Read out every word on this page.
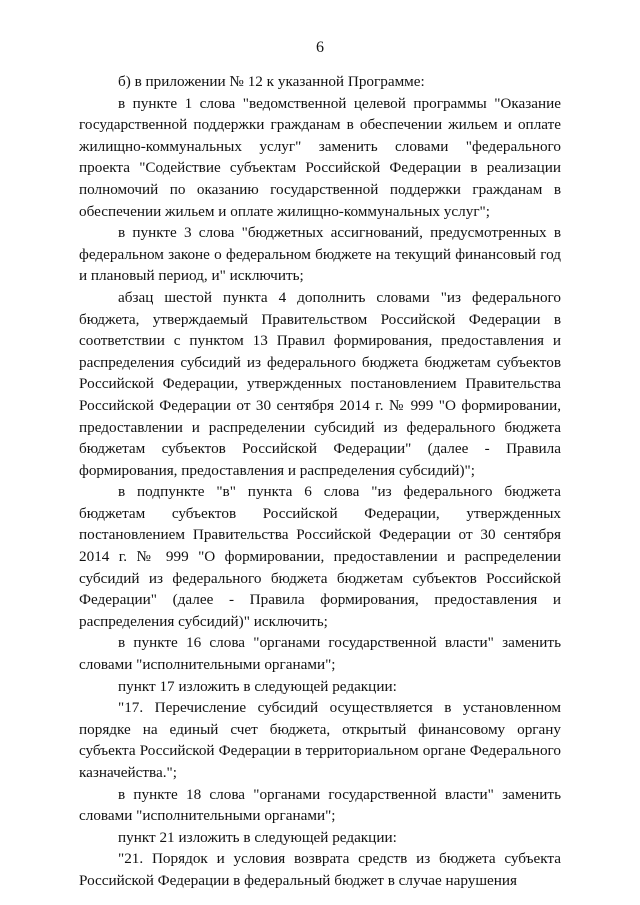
6

б) в приложении № 12 к указанной Программе:

в пункте 1 слова "ведомственной целевой программы "Оказание государственной поддержки гражданам в обеспечении жильем и оплате жилищно-коммунальных услуг" заменить словами "федерального проекта "Содействие субъектам Российской Федерации в реализации полномочий по оказанию государственной поддержки гражданам в обеспечении жильем и оплате жилищно-коммунальных услуг";

в пункте 3 слова "бюджетных ассигнований, предусмотренных в федеральном законе о федеральном бюджете на текущий финансовый год и плановый период, и" исключить;

абзац шестой пункта 4 дополнить словами "из федерального бюджета, утверждаемый Правительством Российской Федерации в соответствии с пунктом 13 Правил формирования, предоставления и распределения субсидий из федерального бюджета бюджетам субъектов Российской Федерации, утвержденных постановлением Правительства Российской Федерации от 30 сентября 2014 г. № 999 "О формировании, предоставлении и распределении субсидий из федерального бюджета бюджетам субъектов Российской Федерации" (далее - Правила формирования, предоставления и распределения субсидий)";

в подпункте "в" пункта 6 слова "из федерального бюджета бюджетам субъектов Российской Федерации, утвержденных постановлением Правительства Российской Федерации от 30 сентября 2014 г. № 999 "О формировании, предоставлении и распределении субсидий из федерального бюджета бюджетам субъектов Российской Федерации" (далее - Правила формирования, предоставления и распределения субсидий)" исключить;

в пункте 16 слова "органами государственной власти" заменить словами "исполнительными органами";

пункт 17 изложить в следующей редакции:

"17. Перечисление субсидий осуществляется в установленном порядке на единый счет бюджета, открытый финансовому органу субъекта Российской Федерации в территориальном органе Федерального казначейства.";

в пункте 18 слова "органами государственной власти" заменить словами "исполнительными органами";

пункт 21 изложить в следующей редакции:

"21. Порядок и условия возврата средств из бюджета субъекта Российской Федерации в федеральный бюджет в случае нарушения
